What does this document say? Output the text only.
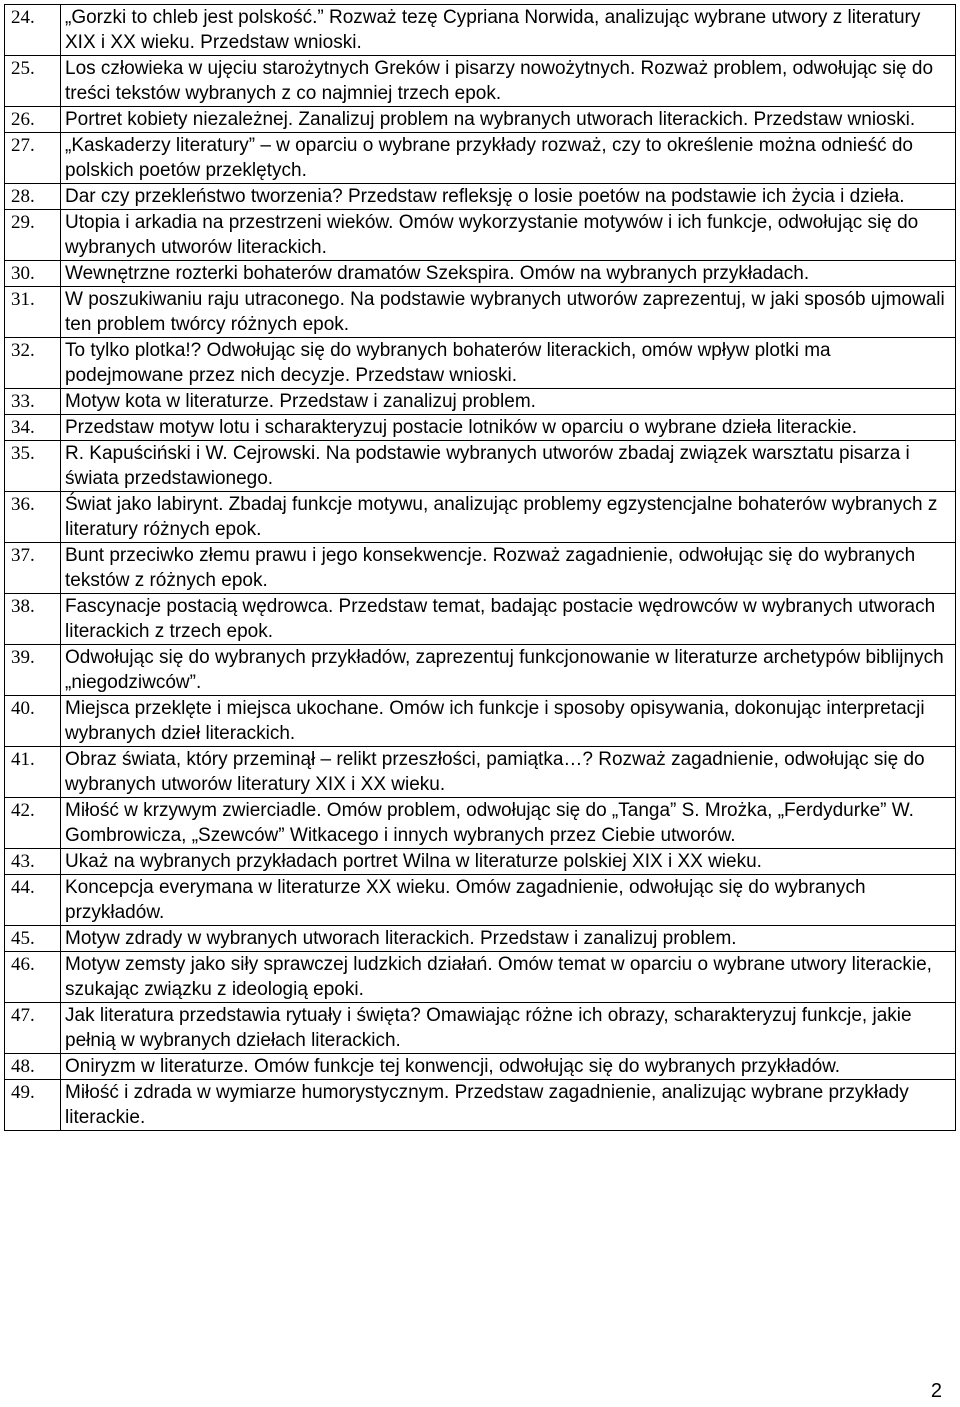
24.	„Gorzki to chleb jest polskość.” Rozważ tezę Cypriana Norwida, analizując wybrane utwory z literatury XIX i XX wieku. Przedstaw wnioski.
25.	Los człowieka w ujęciu starożytnych Greków i pisarzy nowożytnych. Rozważ problem, odwołując się do treści tekstów wybranych z co najmniej trzech epok.
26.	Portret kobiety niezależnej. Zanalizuj problem na wybranych utworach literackich. Przedstaw wnioski.
27.	„Kaskaderzy literatury” – w oparciu o wybrane przykłady rozważ, czy to określenie można odnieść do polskich poetów przeklętych.
28.	Dar czy przekleństwo tworzenia? Przedstaw refleksję o losie poetów na podstawie ich życia i dzieła.
29.	Utopia i arkadia na przestrzeni wieków. Omów wykorzystanie motywów i ich funkcje, odwołując się do wybranych utworów literackich.
30.	Wewnętrzne rozterki bohaterów dramatów Szekspira. Omów na wybranych przykładach.
31.	W poszukiwaniu raju utraconego. Na podstawie wybranych utworów zaprezentuj, w jaki sposób ujmowali ten problem twórcy różnych epok.
32.	To tylko plotka!? Odwołując się do wybranych bohaterów literackich, omów wpływ plotki ma podejmowane przez nich decyzje. Przedstaw wnioski.
33.	Motyw kota w literaturze. Przedstaw i zanalizuj problem.
34.	Przedstaw motyw lotu i scharakteryzuj postacie lotników w oparciu o wybrane dzieła literackie.
35.	R. Kapuściński i W. Cejrowski. Na podstawie wybranych utworów zbadaj związek warsztatu pisarza i świata przedstawionego.
36.	Świat jako labirynt. Zbadaj funkcje motywu, analizując problemy egzystencjalne bohaterów wybranych z literatury różnych epok.
37.	Bunt przeciwko złemu prawu i jego konsekwencje. Rozważ zagadnienie, odwołując się do wybranych tekstów z różnych epok.
38.	Fascynacje postacią wędrowca. Przedstaw temat, badając postacie wędrowców w wybranych utworach literackich z trzech epok.
39.	Odwołując się do wybranych przykładów, zaprezentuj funkcjonowanie w literaturze archetypów biblijnych „niegodziwców”.
40.	Miejsca przeklęte i miejsca ukochane. Omów ich funkcje i sposoby opisywania, dokonując interpretacji wybranych dzieł literackich.
41.	Obraz świata, który przeminął – relikt przeszłości, pamiątka…? Rozważ zagadnienie, odwołując się do wybranych utworów literatury XIX i XX wieku.
42.	Miłość w krzywym zwierciadle. Omów problem, odwołując się do „Tanga” S. Mrożka, „Ferdydurke” W. Gombrowicza, „Szewców” Witkacego i innych wybranych przez Ciebie utworów.
43.	Ukaż na wybranych przykładach portret Wilna w literaturze polskiej XIX i XX wieku.
44.	Koncepcja everymana w literaturze XX wieku. Omów zagadnienie, odwołując się do wybranych przykładów.
45.	Motyw zdrady w wybranych utworach literackich. Przedstaw i zanalizuj problem.
46.	Motyw zemsty jako siły sprawczej ludzkich działań. Omów temat w oparciu o wybrane utwory literackie, szukając związku z ideologią epoki.
47.	Jak literatura przedstawia rytuały i święta? Omawiając różne ich obrazy, scharakteryzuj funkcje, jakie pełnią w wybranych dziełach literackich.
48.	Oniryzm w literaturze. Omów funkcje tej konwencji, odwołując się do wybranych przykładów.
49.	Miłość i zdrada w wymiarze humorystycznym. Przedstaw zagadnienie, analizując wybrane przykłady literackie.
2
